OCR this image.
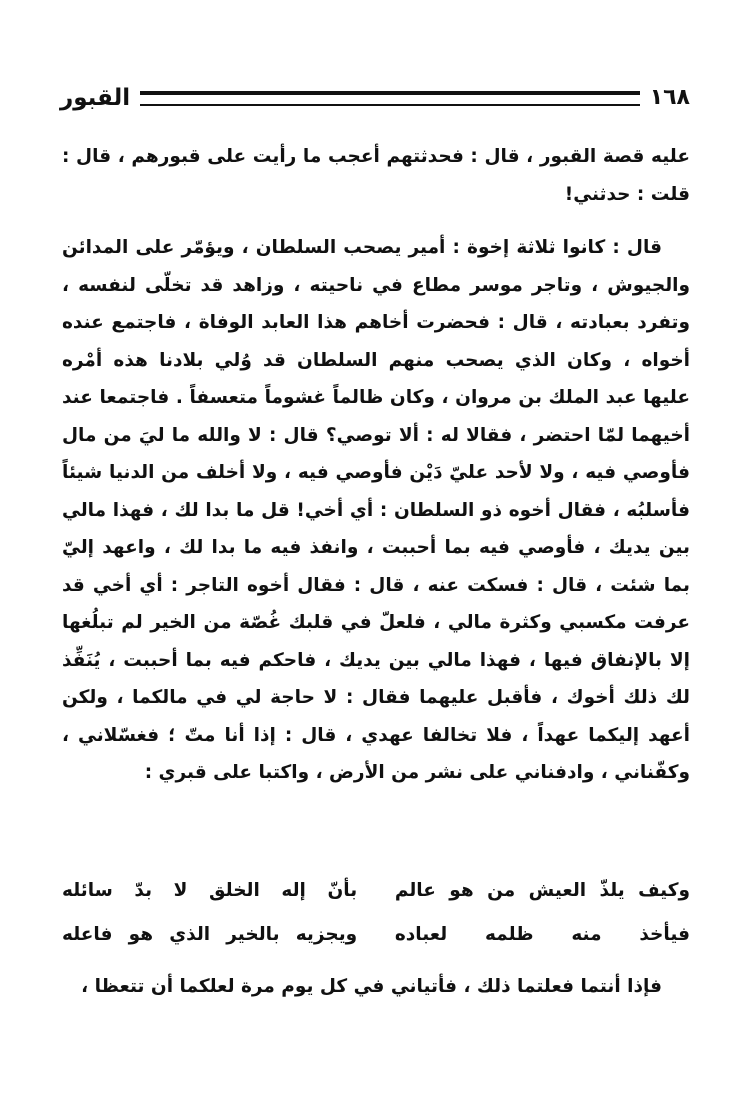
١٦٨
القبور

عليه قصة القبور ، قال : فحدثتهم أعجب ما رأيت على قبورهم ، قال : قلت : حدثني!

قال : كانوا ثلاثة إخوة : أمير يصحب السلطان ، ويؤمّر على المدائن والجيوش ، وتاجر موسر مطاع في ناحيته ، وزاهد قد تخلّى لنفسه ، وتفرد بعبادته ، قال : فحضرت أخاهم هذا العابد الوفاة ، فاجتمع عنده أخواه ، وكان الذي يصحب منهم السلطان قد وُلي بلادنا هذه أمْره عليها عبد الملك بن مروان ، وكان ظالماً غشوماً متعسفاً . فاجتمعا عند أخيهما لمّا احتضر ، فقالا له : ألا توصي؟ قال : لا والله ما ليَ من مال فأوصي فيه ، ولا لأحد عليّ دَيْن فأوصي فيه ، ولا أخلف من الدنيا شيئاً فأسلبُه ، فقال أخوه ذو السلطان : أي أخي! قل ما بدا لك ، فهذا مالي بين يديك ، فأوصي فيه بما أحببت ، وانفذ فيه ما بدا لك ، واعهد إليّ بما شئت ، قال : فسكت عنه ، قال : فقال أخوه التاجر : أي أخي قد عرفت مكسبي وكثرة مالي ، فلعلّ في قلبك غُصّة من الخير لم تبلُغها إلا بالإنفاق فيها ، فهذا مالي بين يديك ، فاحكم فيه بما أحببت ، يُنَفِّذ لك ذلك أخوك ، فأقبل عليهما فقال : لا حاجة لي في مالكما ، ولكن أعهد إليكما عهداً ، فلا تخالفا عهدي ، قال : إذا أنا متّ ؛ فغسّلاني ، وكفّناني ، وادفناني على نشر من الأرض ، واكتبا على قبري :

وكيف يلذّ العيش من هو عالم
بأنّ إله الخلق لا بدّ سائله
فيأخذ منه ظلمه لعباده
ويجزيه بالخير الذي هو فاعله
فإذا أنتما فعلتما ذلك ، فأتياني في كل يوم مرة لعلكما أن تتعظا ،
